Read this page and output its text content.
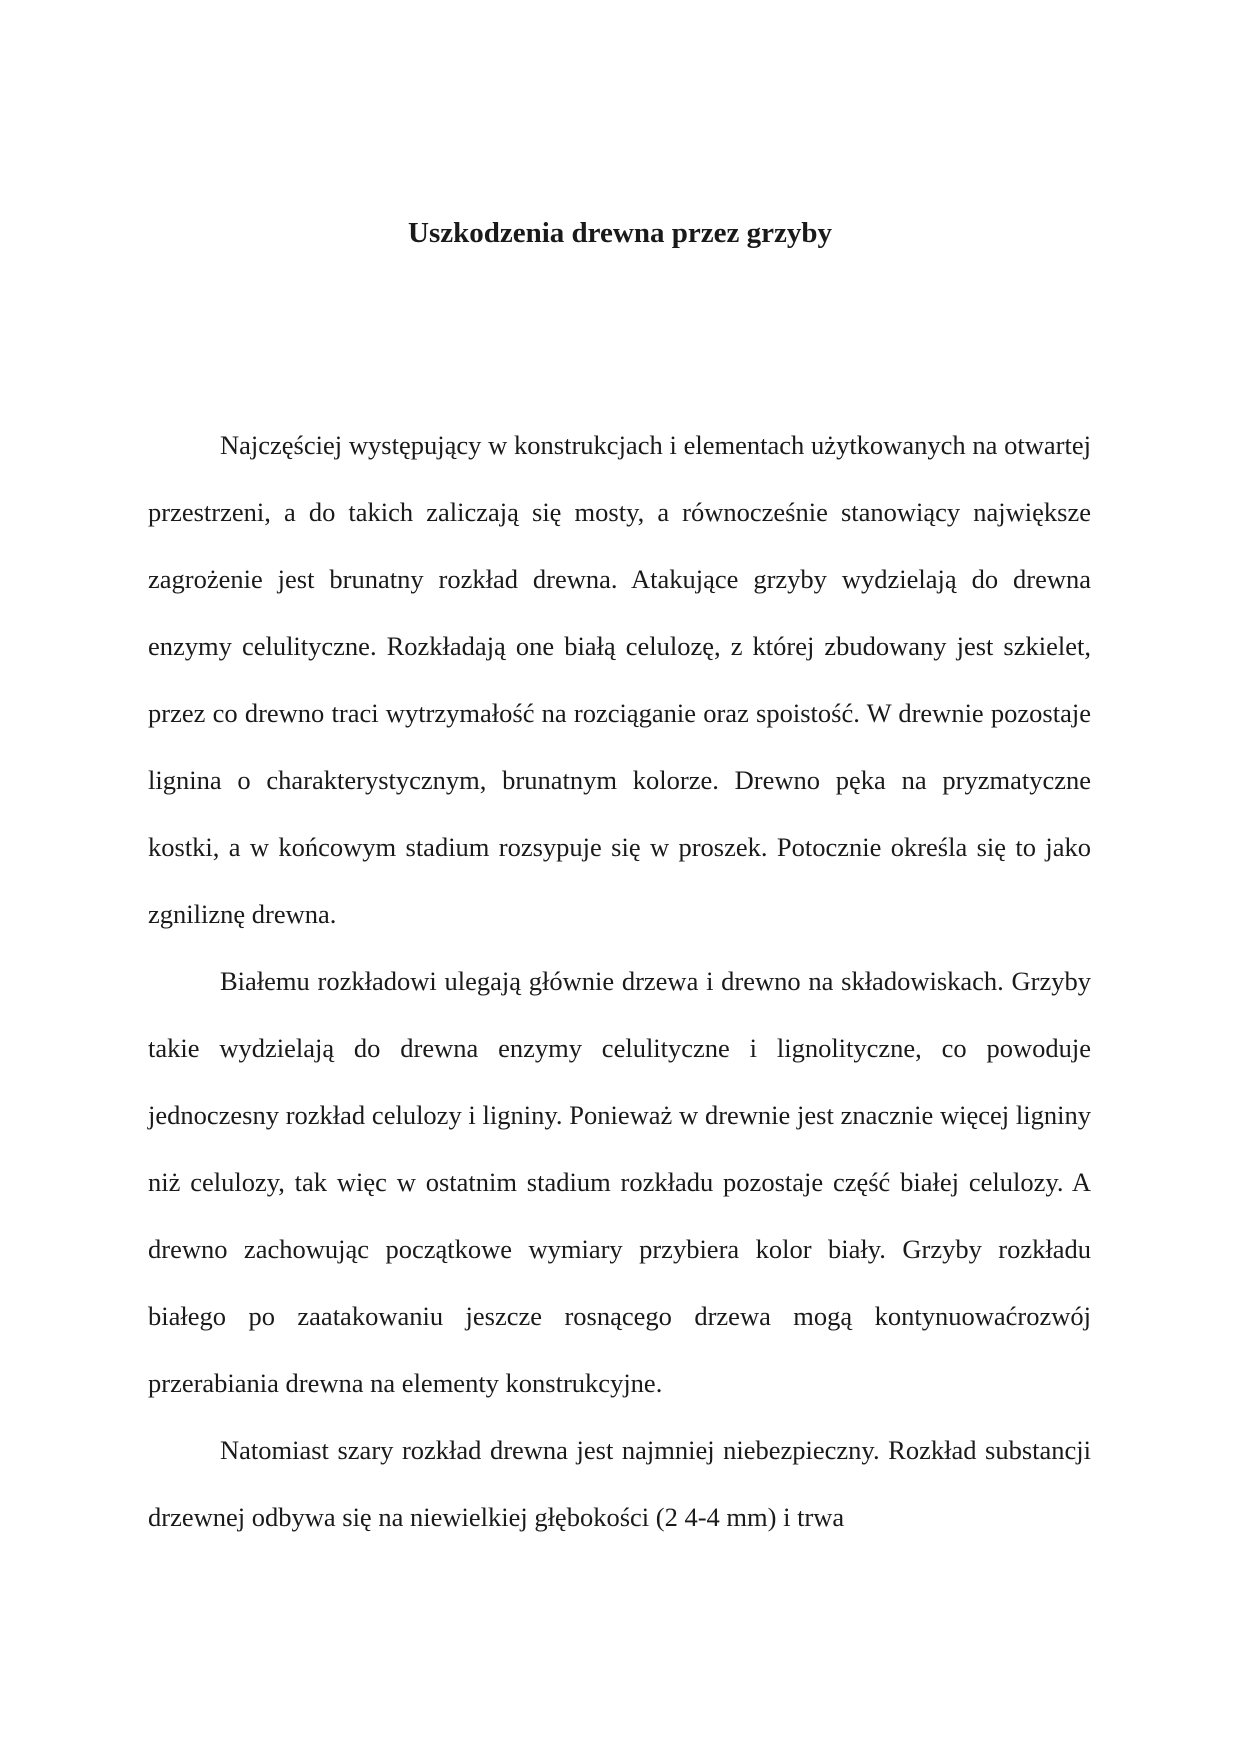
Uszkodzenia drewna przez grzyby

Najczęściej występujący w konstrukcjach i elementach użytkowanych na otwartej przestrzeni, a do takich zaliczają się mosty, a równocześnie stanowiący największe zagrożenie jest brunatny rozkład drewna. Atakujące grzyby wydzielają do drewna enzymy celulityczne. Rozkładają one białą celulozę, z której zbudowany jest szkielet, przez co drewno traci wytrzymałość na rozciąganie oraz spoistość. W drewnie pozostaje lignina o charakterystycznym, brunatnym kolorze. Drewno pęka na pryzmatyczne kostki, a w końcowym stadium rozsypuje się w proszek. Potocznie określa się to jako zgniliznę drewna.

Białemu rozkładowi ulegają głównie drzewa i drewno na składowiskach. Grzyby takie wydzielają do drewna enzymy celulityczne i lignolityczne, co powoduje jednoczesny rozkład celulozy i ligniny. Ponieważ w drewnie jest znacznie więcej ligniny niż celulozy, tak więc w ostatnim stadium rozkładu pozostaje część białej celulozy. A drewno zachowując początkowe wymiary przybiera kolor biały. Grzyby rozkładu białego po zaatakowaniu jeszcze rosnącego drzewa mogą kontynuowaćrozwój przerabiania drewna na elementy konstrukcyjne.

Natomiast szary rozkład drewna jest najmniej niebezpieczny. Rozkład substancji drzewnej odbywa się na niewielkiej głębokości (2 4-4 mm) i trwa
